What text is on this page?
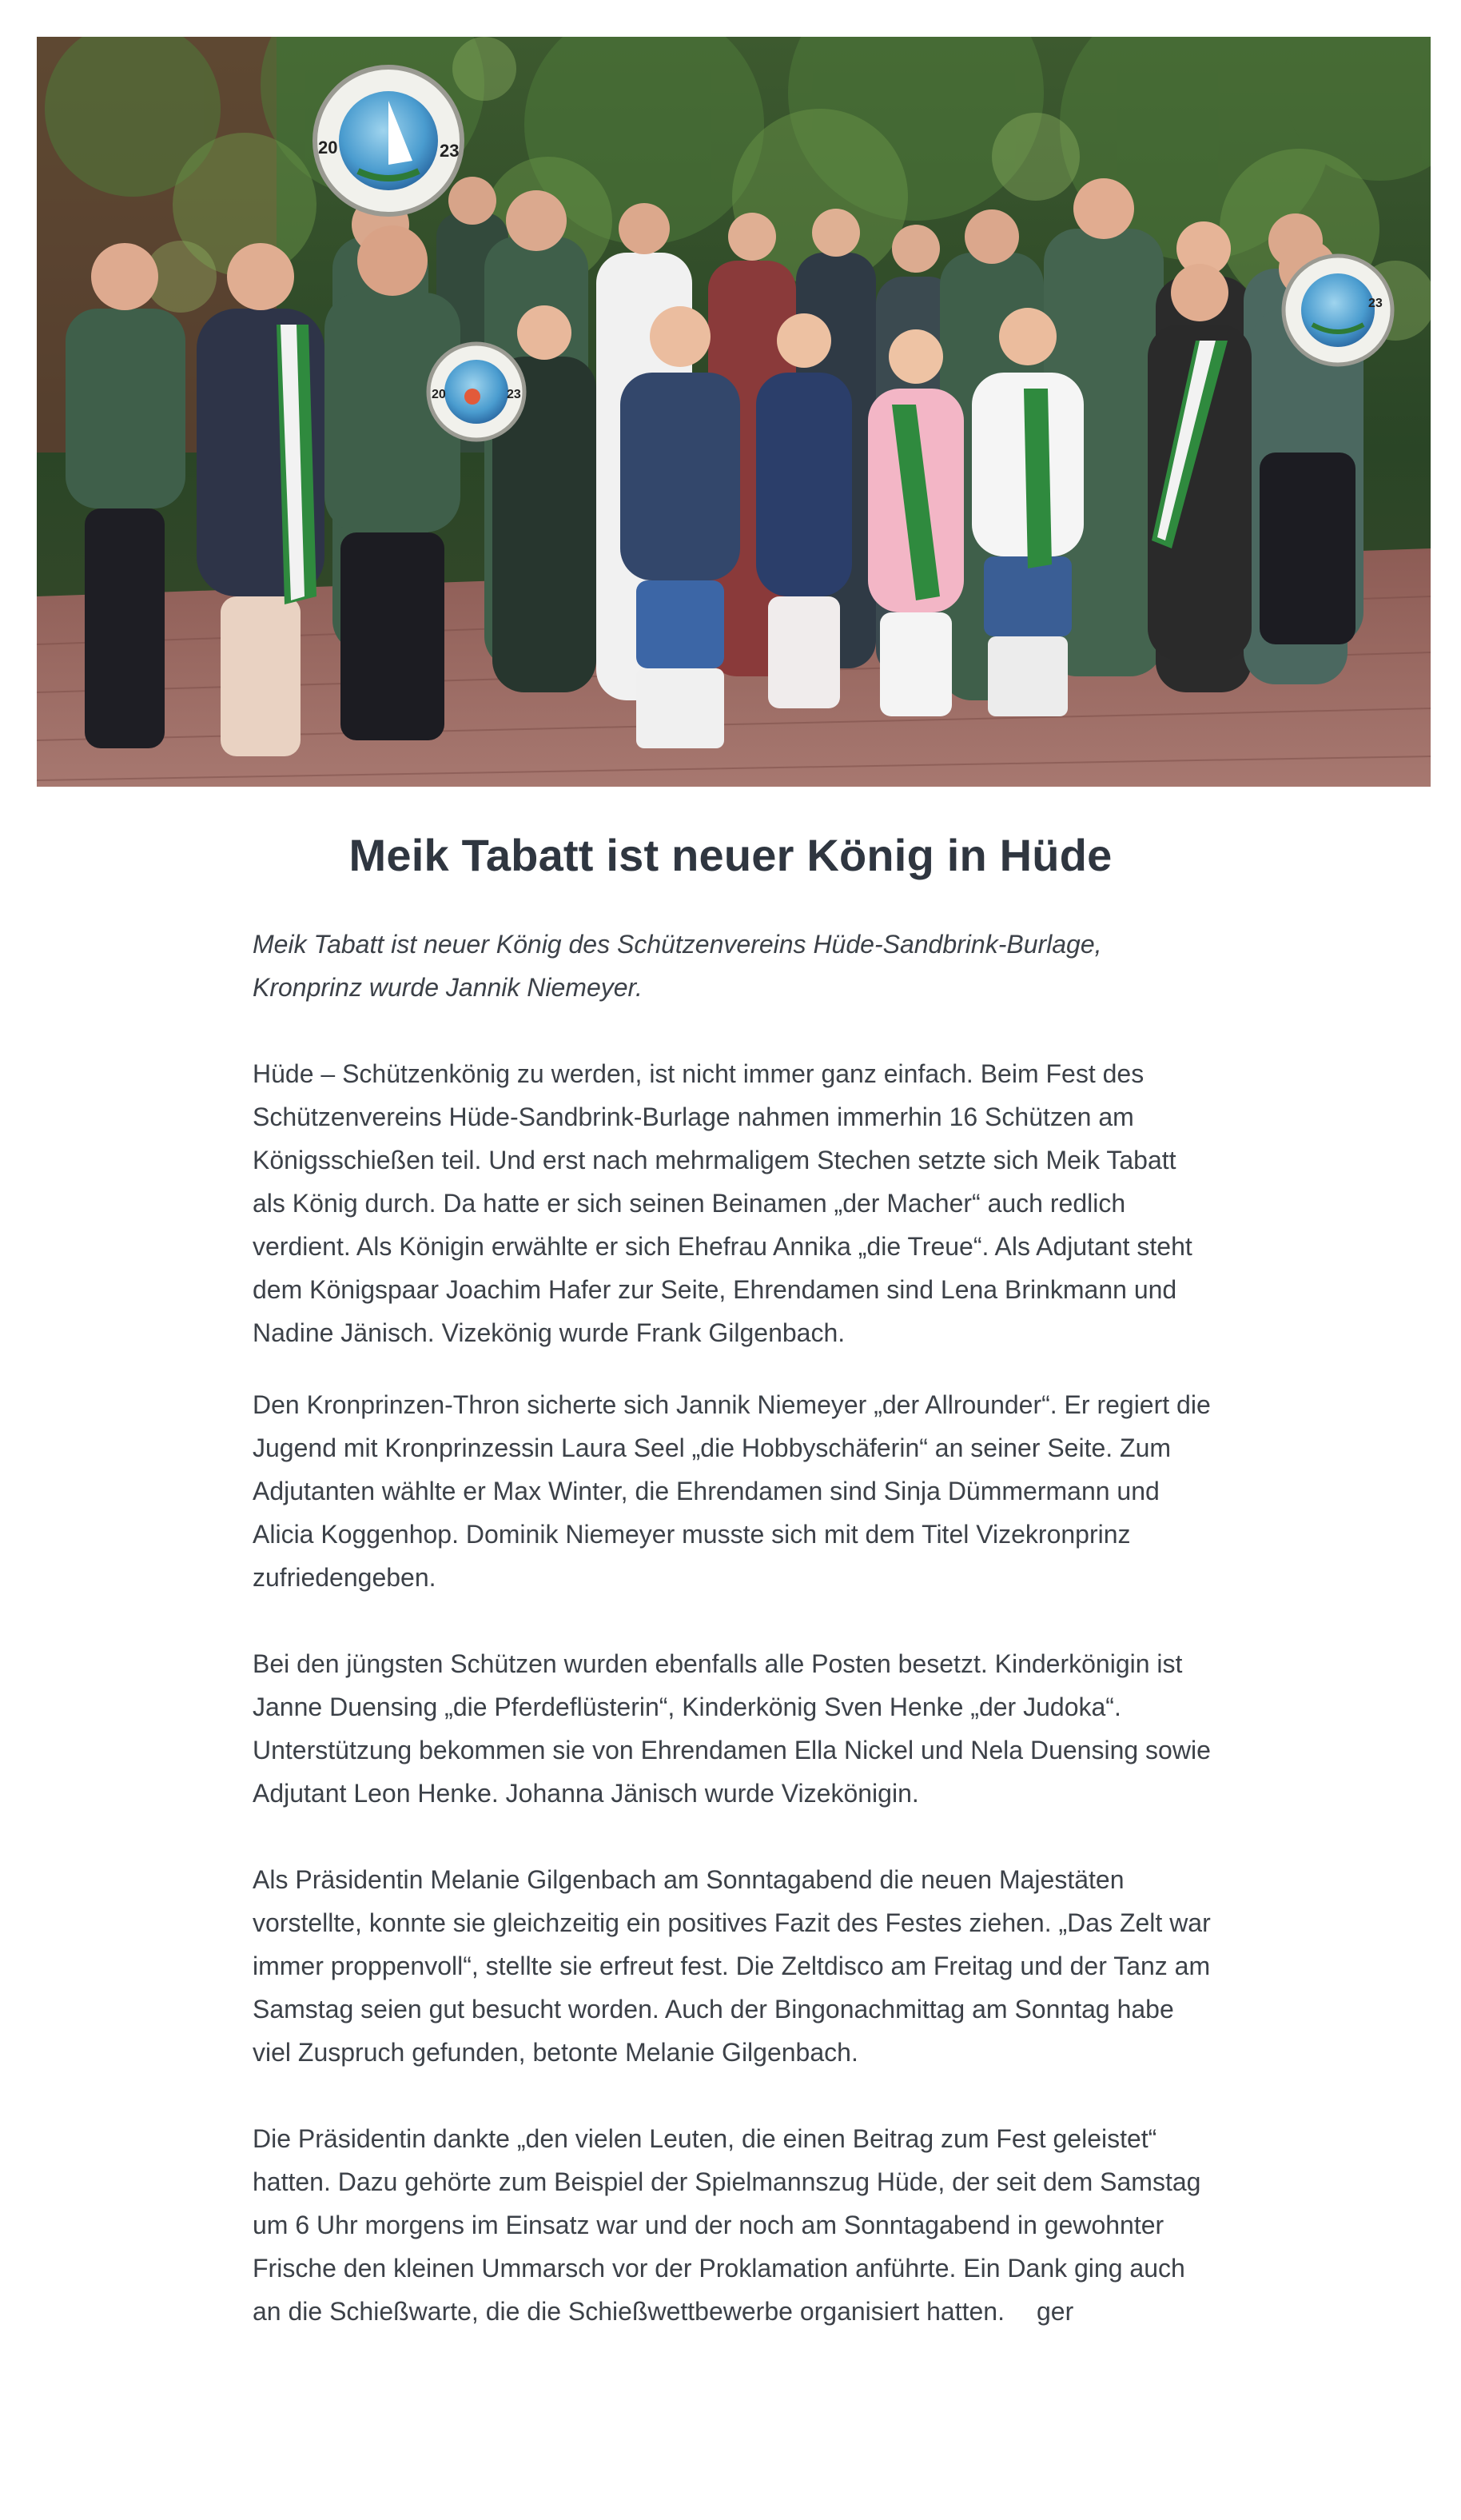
20	23
20	23
23
Meik Tabatt ist neuer König in Hüde

Meik Tabatt ist neuer König des Schützenvereins Hüde-Sandbrink-Burlage, Kronprinz wurde Jannik Niemeyer.

Hüde – Schützenkönig zu werden, ist nicht immer ganz einfach. Beim Fest des Schützenvereins Hüde-Sandbrink-Burlage nahmen immerhin 16 Schützen am Königsschießen teil. Und erst nach mehrmaligem Stechen setzte sich Meik Tabatt als König durch. Da hatte er sich seinen Beinamen „der Macher“ auch redlich verdient. Als Königin erwählte er sich Ehefrau Annika „die Treue“. Als Adjutant steht dem Königspaar Joachim Hafer zur Seite, Ehrendamen sind Lena Brinkmann und Nadine Jänisch. Vizekönig wurde Frank Gilgenbach.

Den Kronprinzen-Thron sicherte sich Jannik Niemeyer „der Allrounder“. Er regiert die Jugend mit Kronprinzessin Laura Seel „die Hobbyschäferin“ an seiner Seite. Zum Adjutanten wählte er Max Winter, die Ehrendamen sind Sinja Dümmermann und Alicia Koggenhop. Dominik Niemeyer musste sich mit dem Titel Vizekronprinz zufriedengeben.

Bei den jüngsten Schützen wurden ebenfalls alle Posten besetzt. Kinderkönigin ist Janne Duensing „die Pferdeflüsterin“, Kinderkönig Sven Henke „der Judoka“. Unterstützung bekommen sie von Ehrendamen Ella Nickel und Nela Duensing sowie Adjutant Leon Henke. Johanna Jänisch wurde Vizekönigin.

Als Präsidentin Melanie Gilgenbach am Sonntagabend die neuen Majestäten vorstellte, konnte sie gleichzeitig ein positives Fazit des Festes ziehen. „Das Zelt war immer proppenvoll“, stellte sie erfreut fest. Die Zeltdisco am Freitag und der Tanz am Samstag seien gut besucht worden. Auch der Bingonachmittag am Sonntag habe viel Zuspruch gefunden, betonte Melanie Gilgenbach.

Die Präsidentin dankte „den vielen Leuten, die einen Beitrag zum Fest geleistet“ hatten. Dazu gehörte zum Beispiel der Spielmannszug Hüde, der seit dem Samstag um 6 Uhr morgens im Einsatz war und der noch am Sonntagabend in gewohnter Frische den kleinen Ummarsch vor der Proklamation anführte. Ein Dank ging auch an die Schießwarte, die die Schießwettbewerbe organisiert hatten. ger
